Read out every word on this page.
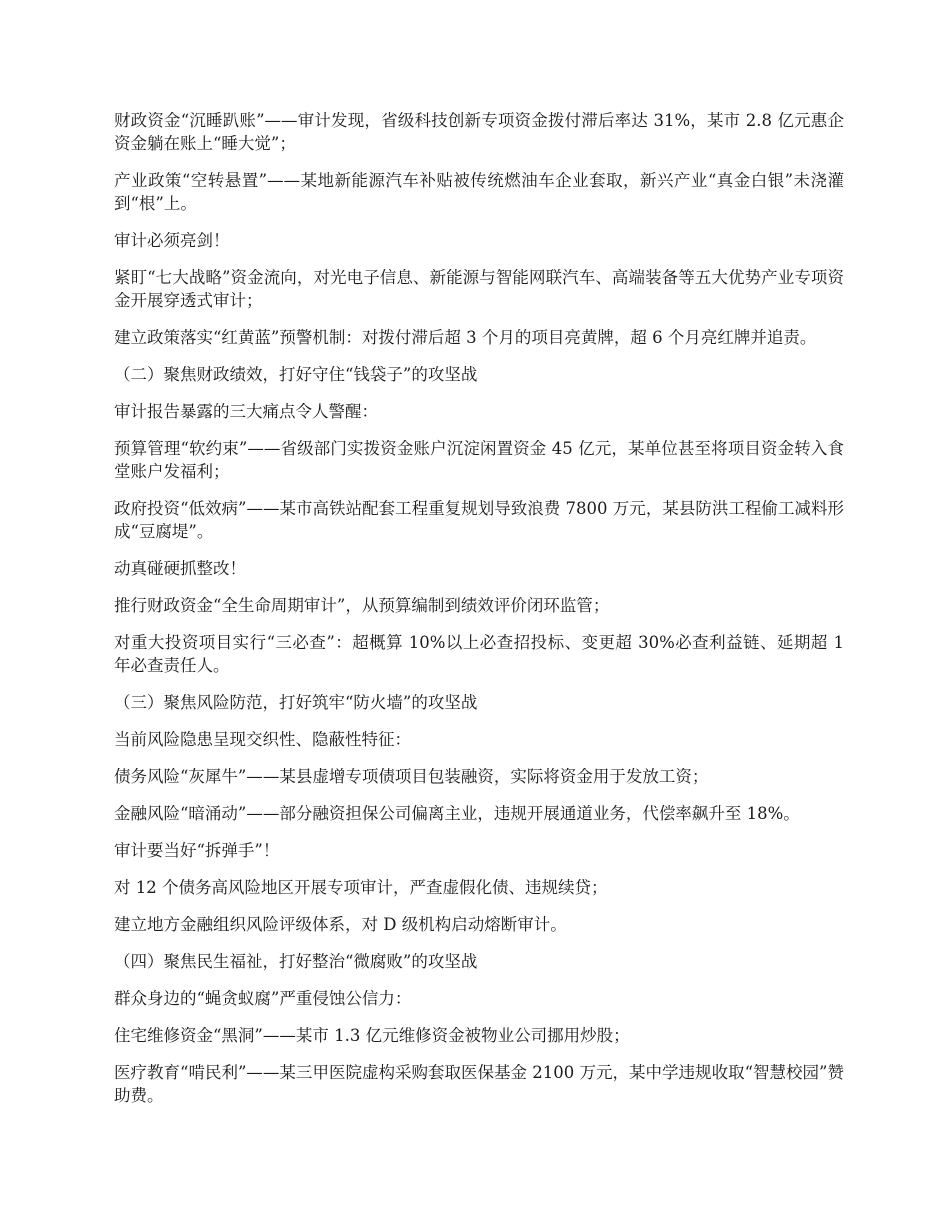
财政资金“沉睡趴账”——审计发现，省级科技创新专项资金拨付滞后率达 31%，某市 2.8 亿元惠企资金躺在账上“睡大觉”；

产业政策“空转悬置”——某地新能源汽车补贴被传统燃油车企业套取，新兴产业“真金白银”未浇灌到“根”上。

审计必须亮剑！

紧盯“七大战略”资金流向，对光电子信息、新能源与智能网联汽车、高端装备等五大优势产业专项资金开展穿透式审计；

建立政策落实“红黄蓝”预警机制：对拨付滞后超 3 个月的项目亮黄牌，超 6 个月亮红牌并追责。

（二）聚焦财政绩效，打好守住“钱袋子”的攻坚战

审计报告暴露的三大痛点令人警醒：

预算管理“软约束”——省级部门实拨资金账户沉淀闲置资金 45 亿元，某单位甚至将项目资金转入食堂账户发福利；

政府投资“低效病”——某市高铁站配套工程重复规划导致浪费 7800 万元，某县防洪工程偷工减料形成“豆腐堤”。

动真碰硬抓整改！

推行财政资金“全生命周期审计”，从预算编制到绩效评价闭环监管；

对重大投资项目实行“三必查”：超概算 10%以上必查招投标、变更超 30%必查利益链、延期超 1 年必查责任人。

（三）聚焦风险防范，打好筑牢“防火墙”的攻坚战

当前风险隐患呈现交织性、隐蔽性特征：

债务风险“灰犀牛”——某县虚增专项债项目包装融资，实际将资金用于发放工资；

金融风险“暗涌动”——部分融资担保公司偏离主业，违规开展通道业务，代偿率飙升至 18%。

审计要当好“拆弹手”！

对 12 个债务高风险地区开展专项审计，严查虚假化债、违规续贷；

建立地方金融组织风险评级体系，对 D 级机构启动熔断审计。

（四）聚焦民生福祉，打好整治“微腐败”的攻坚战

群众身边的“蝇贪蚁腐”严重侵蚀公信力：

住宅维修资金“黑洞”——某市 1.3 亿元维修资金被物业公司挪用炒股；

医疗教育“啃民利”——某三甲医院虚构采购套取医保基金 2100 万元，某中学违规收取“智慧校园”赞助费。
